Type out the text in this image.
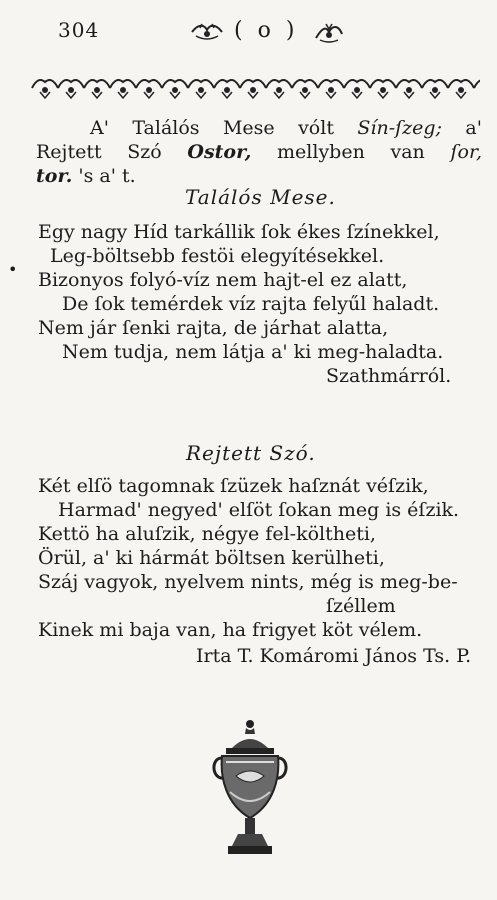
304	( o )
A' Találós Mese vólt Sín-ſzeg; a'
Rejtett Szó Ostor, mellyben van ſor,
tor. 's a' t.
Találós Mese.
•
Egy nagy Híd tarkállik ſok ékes ſzínekkel,
Leg-böltsebb festöi elegyítésekkel.
Bizonyos folyó-víz nem hajt-el ez alatt,
De ſok temérdek víz rajta felyűl haladt.
Nem jár ſenki rajta, de járhat alatta,
Nem tudja, nem látja a' ki meg-haladta.
Szathmárról.
Rejtett Szó.
Két elſö tagomnak ſzüzek haſznát véſzik,
Harmad' negyed' elſöt ſokan meg is éſzik.
Kettö ha aluſzik, négye fel-költheti,
Örül, a' ki hármát böltsen kerülheti,
Száj vagyok, nyelvem nints, még is meg-be-
ſzéllem
Kinek mi baja van, ha frigyet köt vélem.
Irta T. Komáromi János Ts. P.
